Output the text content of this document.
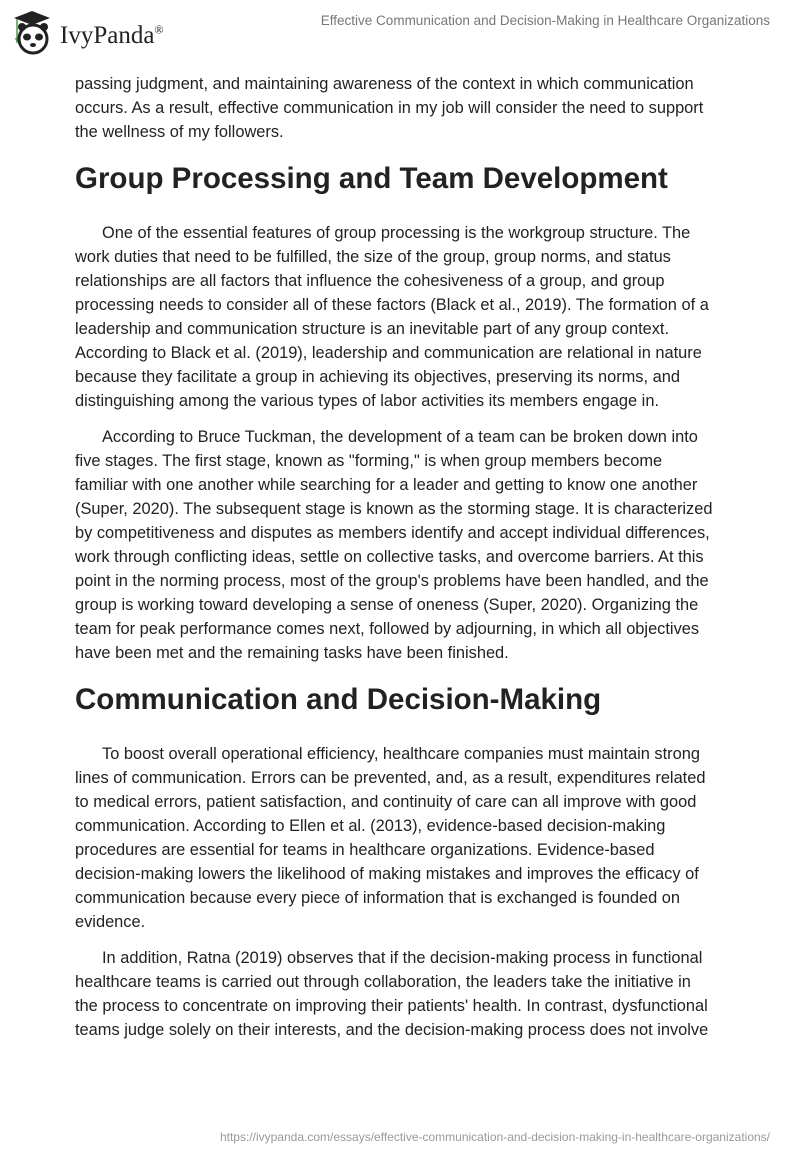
IvyPanda®
Effective Communication and Decision-Making in Healthcare Organizations
passing judgment, and maintaining awareness of the context in which communication
occurs. As a result, effective communication in my job will consider the need to support
the wellness of my followers.
Group Processing and Team Development
One of the essential features of group processing is the workgroup structure. The
work duties that need to be fulfilled, the size of the group, group norms, and status
relationships are all factors that influence the cohesiveness of a group, and group
processing needs to consider all of these factors (Black et al., 2019). The formation of a
leadership and communication structure is an inevitable part of any group context.
According to Black et al. (2019), leadership and communication are relational in nature
because they facilitate a group in achieving its objectives, preserving its norms, and
distinguishing among the various types of labor activities its members engage in.
According to Bruce Tuckman, the development of a team can be broken down into
five stages. The first stage, known as "forming," is when group members become
familiar with one another while searching for a leader and getting to know one another
(Super, 2020). The subsequent stage is known as the storming stage. It is characterized
by competitiveness and disputes as members identify and accept individual differences,
work through conflicting ideas, settle on collective tasks, and overcome barriers. At this
point in the norming process, most of the group's problems have been handled, and the
group is working toward developing a sense of oneness (Super, 2020). Organizing the
team for peak performance comes next, followed by adjourning, in which all objectives
have been met and the remaining tasks have been finished.
Communication and Decision-Making
To boost overall operational efficiency, healthcare companies must maintain strong
lines of communication. Errors can be prevented, and, as a result, expenditures related
to medical errors, patient satisfaction, and continuity of care can all improve with good
communication. According to Ellen et al. (2013), evidence-based decision-making
procedures are essential for teams in healthcare organizations. Evidence-based
decision-making lowers the likelihood of making mistakes and improves the efficacy of
communication because every piece of information that is exchanged is founded on
evidence.
In addition, Ratna (2019) observes that if the decision-making process in functional
healthcare teams is carried out through collaboration, the leaders take the initiative in
the process to concentrate on improving their patients' health. In contrast, dysfunctional
teams judge solely on their interests, and the decision-making process does not involve
https://ivypanda.com/essays/effective-communication-and-decision-making-in-healthcare-organizations/
